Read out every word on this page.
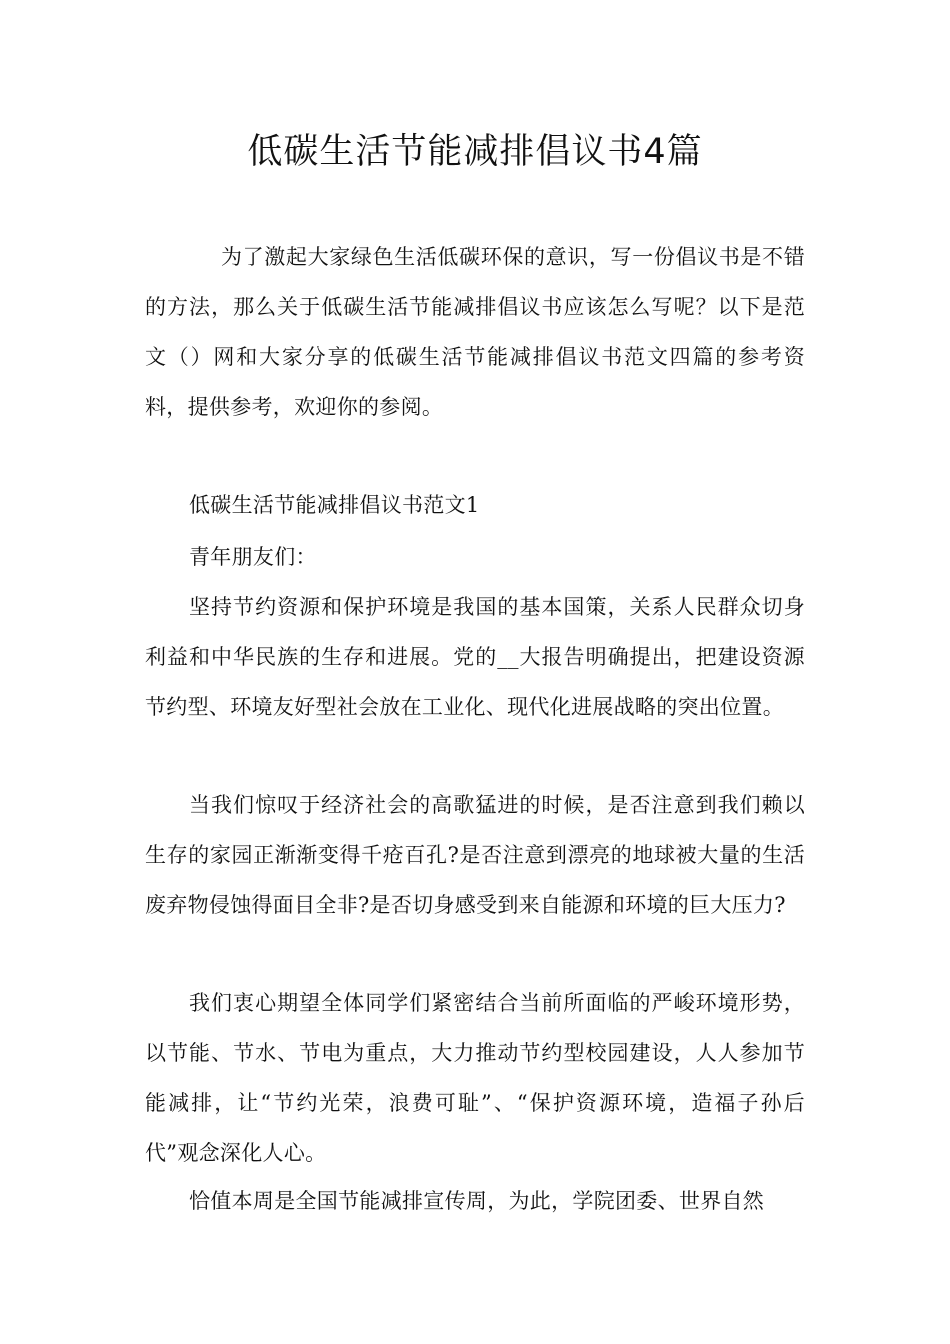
低碳生活节能减排倡议书4篇

为了激起大家绿色生活低碳环保的意识，写一份倡议书是不错的方法，那么关于低碳生活节能减排倡议书应该怎么写呢？以下是范文（）网和大家分享的低碳生活节能减排倡议书范文四篇的参考资料，提供参考，欢迎你的参阅。

低碳生活节能减排倡议书范文1

青年朋友们：

坚持节约资源和保护环境是我国的基本国策，关系人民群众切身利益和中华民族的生存和进展。党的__大报告明确提出，把建设资源节约型、环境友好型社会放在工业化、现代化进展战略的突出位置。

当我们惊叹于经济社会的高歌猛进的时候，是否注意到我们赖以生存的家园正渐渐变得千疮百孔?是否注意到漂亮的地球被大量的生活废弃物侵蚀得面目全非?是否切身感受到来自能源和环境的巨大压力?

我们衷心期望全体同学们紧密结合当前所面临的严峻环境形势，以节能、节水、节电为重点，大力推动节约型校园建设，人人参加节能减排，让“节约光荣，浪费可耻”、“保护资源环境，造福子孙后代”观念深化人心。

恰值本周是全国节能减排宣传周，为此，学院团委、世界自然
